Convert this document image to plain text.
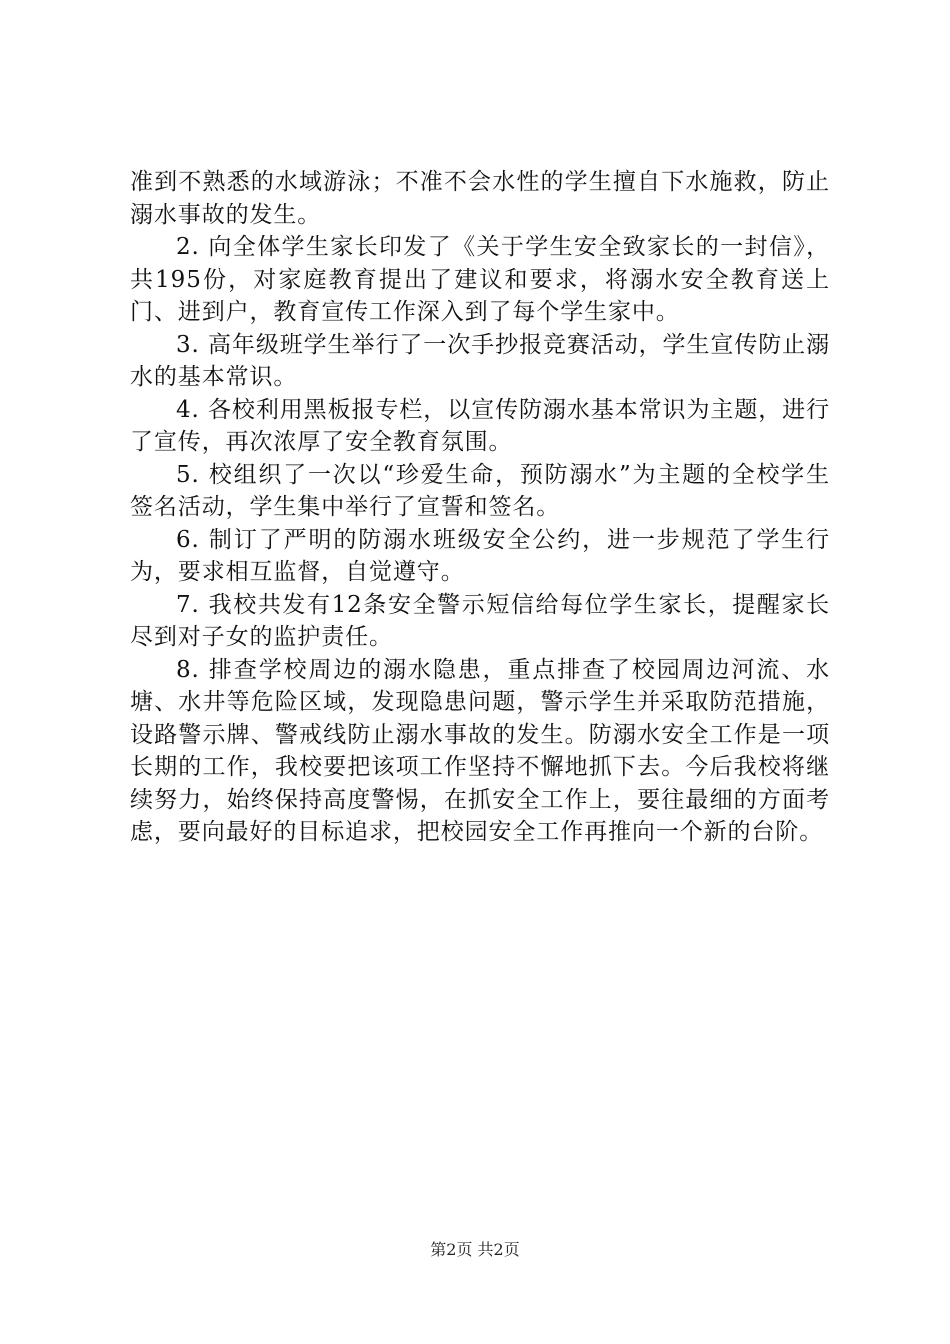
准到不熟悉的水域游泳；不准不会水性的学生擅自下水施救，防止溺水事故的发生。

2. 向全体学生家长印发了《关于学生安全致家长的一封信》，共195份，对家庭教育提出了建议和要求，将溺水安全教育送上门、进到户，教育宣传工作深入到了每个学生家中。

3. 高年级班学生举行了一次手抄报竞赛活动，学生宣传防止溺水的基本常识。

4. 各校利用黑板报专栏，以宣传防溺水基本常识为主题，进行了宣传，再次浓厚了安全教育氛围。

5. 校组织了一次以“珍爱生命，预防溺水”为主题的全校学生签名活动，学生集中举行了宣誓和签名。

6. 制订了严明的防溺水班级安全公约，进一步规范了学生行为，要求相互监督，自觉遵守。

7. 我校共发有12条安全警示短信给每位学生家长，提醒家长尽到对子女的监护责任。

8. 排查学校周边的溺水隐患，重点排查了校园周边河流、水塘、水井等危险区域，发现隐患问题，警示学生并采取防范措施，设路警示牌、警戒线防止溺水事故的发生。防溺水安全工作是一项长期的工作，我校要把该项工作坚持不懈地抓下去。今后我校将继续努力，始终保持高度警惕，在抓安全工作上，要往最细的方面考虑，要向最好的目标追求，把校园安全工作再推向一个新的台阶。

第2页 共2页
